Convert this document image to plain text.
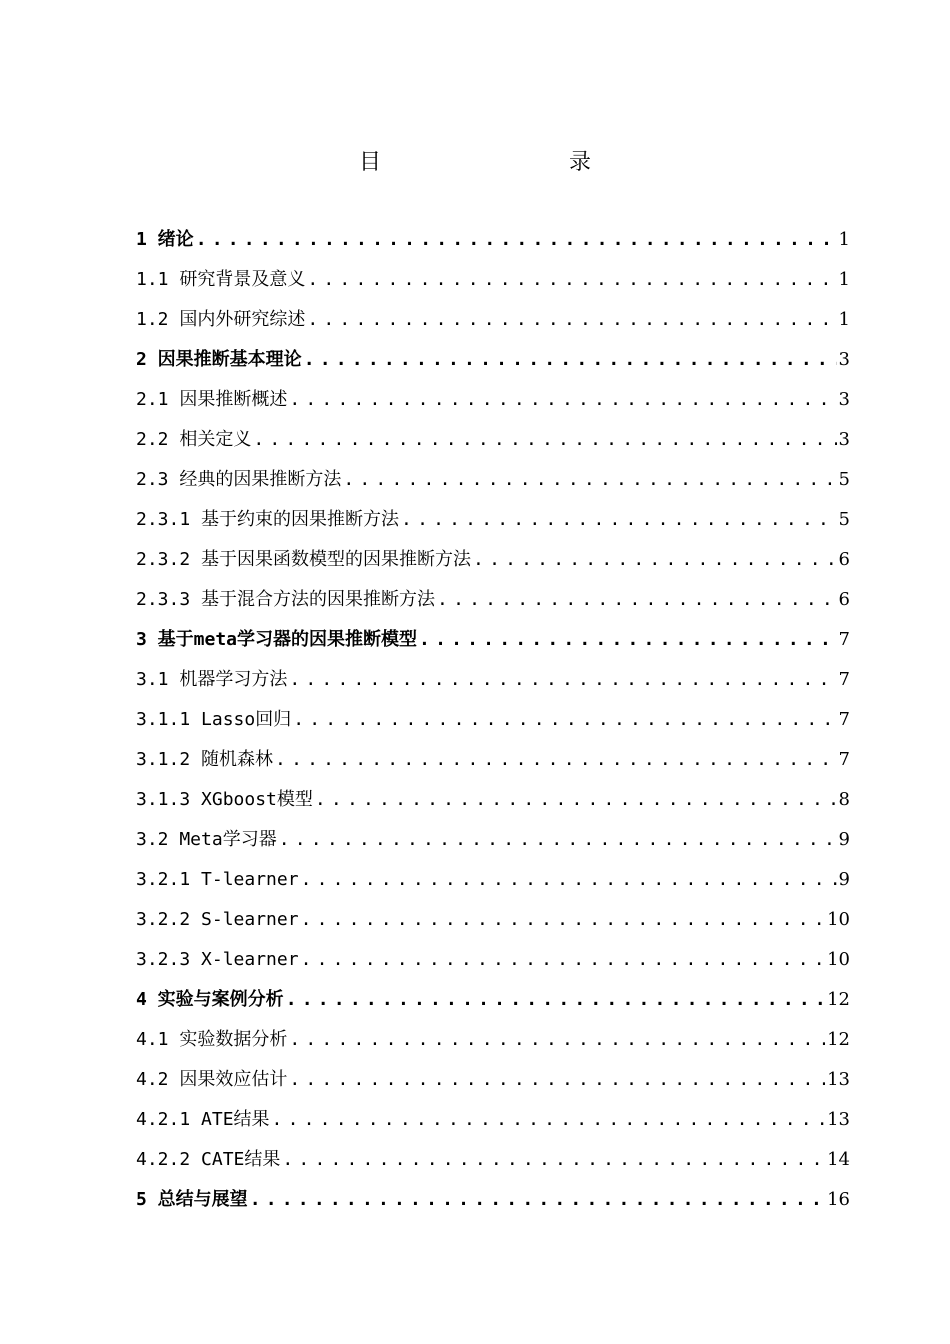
目　　录
1 绪论 .....	1
1.1 研究背景及意义 .....	1
1.2 国内外研究综述 .....	1
2 因果推断基本理论 .....	3
2.1 因果推断概述 .....	3
2.2 相关定义 .....	3
2.3 经典的因果推断方法 .....	5
2.3.1 基于约束的因果推断方法 .....	5
2.3.2 基于因果函数模型的因果推断方法 .....	6
2.3.3 基于混合方法的因果推断方法 .....	6
3 基于meta学习器的因果推断模型 .....	7
3.1 机器学习方法 .....	7
3.1.1 Lasso回归 .....	7
3.1.2 随机森林 .....	7
3.1.3 XGboost模型 .....	8
3.2 Meta学习器 .....	9
3.2.1 T-learner .....	9
3.2.2 S-learner .....	10
3.2.3 X-learner .....	10
4 实验与案例分析 .....	12
4.1 实验数据分析 .....	12
4.2 因果效应估计 .....	13
4.2.1 ATE结果 .....	13
4.2.2 CATE结果 .....	14
5 总结与展望 .....	16
